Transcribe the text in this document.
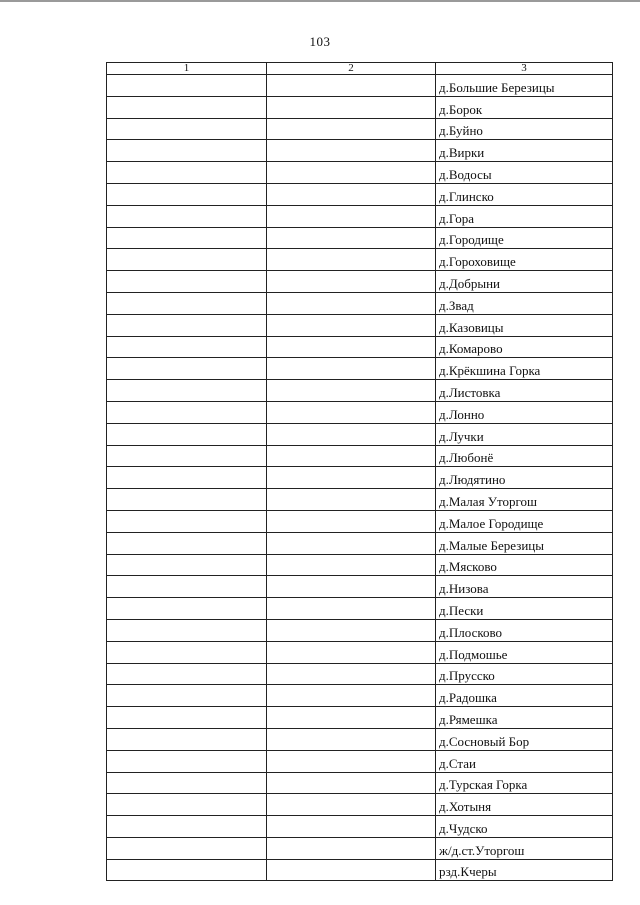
103
1	2	3
		д.Большие Березицы
		д.Борок
		д.Буйно
		д.Вирки
		д.Водосы
		д.Глинско
		д.Гора
		д.Городище
		д.Гороховище
		д.Добрыни
		д.Звад
		д.Казовицы
		д.Комарово
		д.Крёкшина Горка
		д.Листовка
		д.Лонно
		д.Лучки
		д.Любонё
		д.Людятино
		д.Малая Уторгош
		д.Малое Городище
		д.Малые Березицы
		д.Мясково
		д.Низова
		д.Пески
		д.Плосково
		д.Подмошье
		д.Прусско
		д.Радошка
		д.Рямешка
		д.Сосновый Бор
		д.Стаи
		д.Турская Горка
		д.Хотыня
		д.Чудско
		ж/д.ст.Уторгош
		рзд.Кчеры
